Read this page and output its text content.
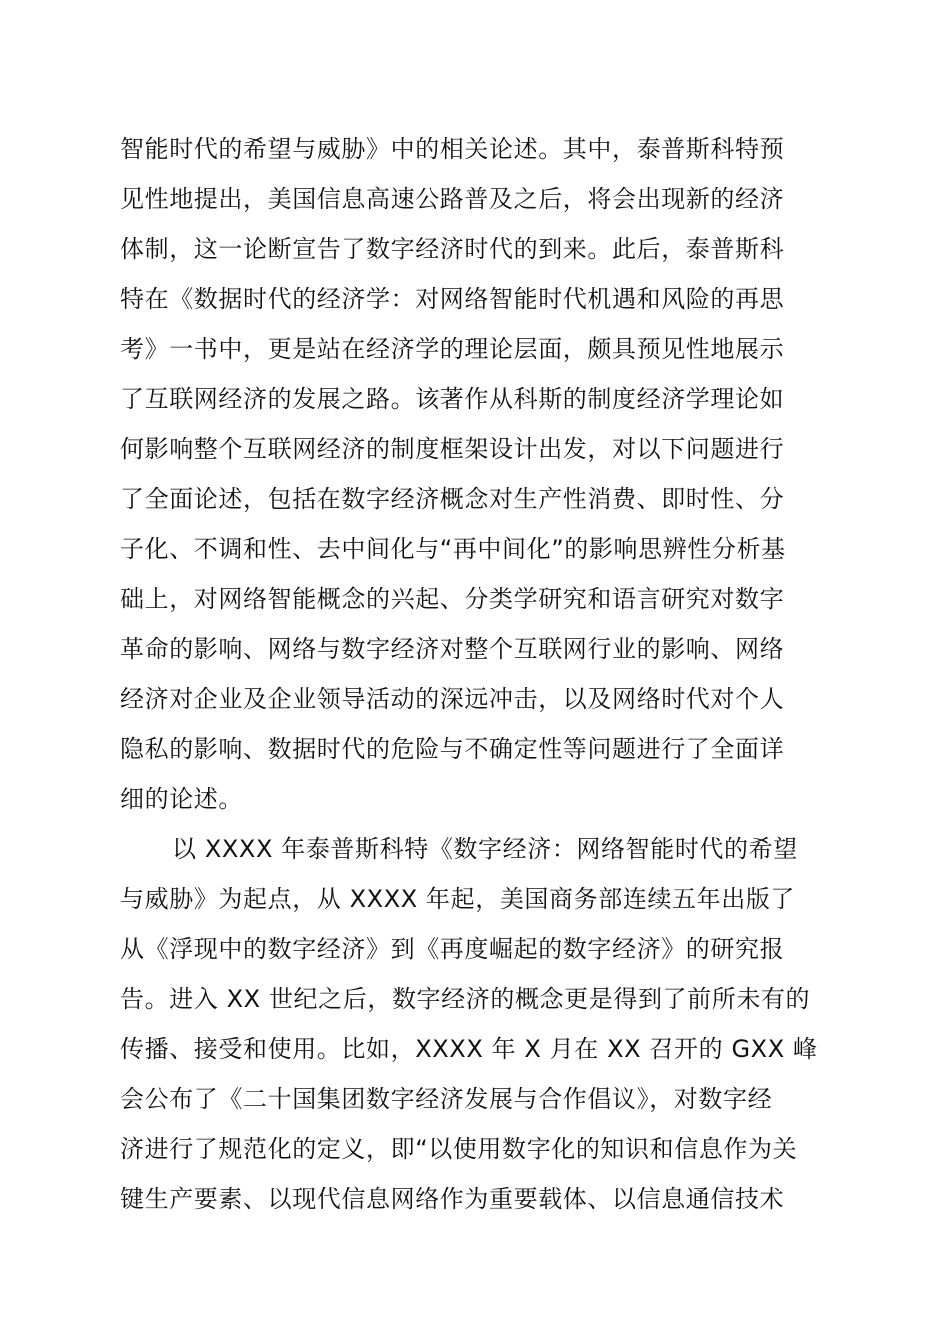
智能时代的希望与威胁》中的相关论述。其中，泰普斯科特预
见性地提出，美国信息高速公路普及之后，将会出现新的经济
体制，这一论断宣告了数字经济时代的到来。此后，泰普斯科
特在《数据时代的经济学：对网络智能时代机遇和风险的再思
考》一书中，更是站在经济学的理论层面，颇具预见性地展示
了互联网经济的发展之路。该著作从科斯的制度经济学理论如
何影响整个互联网经济的制度框架设计出发，对以下问题进行
了全面论述，包括在数字经济概念对生产性消费、即时性、分
子化、不调和性、去中间化与“再中间化”的影响思辨性分析基
础上，对网络智能概念的兴起、分类学研究和语言研究对数字
革命的影响、网络与数字经济对整个互联网行业的影响、网络
经济对企业及企业领导活动的深远冲击，以及网络时代对个人
隐私的影响、数据时代的危险与不确定性等问题进行了全面详
细的论述。
以 XXXX 年泰普斯科特《数字经济：网络智能时代的希望
与威胁》为起点，从 XXXX 年起，美国商务部连续五年出版了
从《浮现中的数字经济》到《再度崛起的数字经济》的研究报
告。进入 XX 世纪之后，数字经济的概念更是得到了前所未有的
传播、接受和使用。比如，XXXX 年 X 月在 XX 召开的 GXX 峰
会公布了《二十国集团数字经济发展与合作倡议》，对数字经
济进行了规范化的定义，即“以使用数字化的知识和信息作为关
键生产要素、以现代信息网络作为重要载体、以信息通信技术
